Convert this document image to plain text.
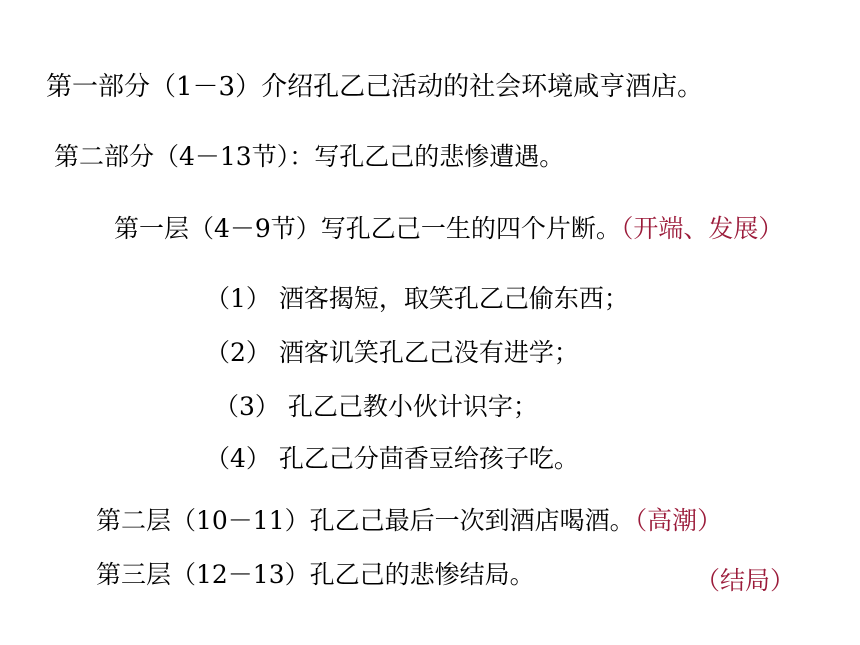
第一部分（1－3）介绍孔乙己活动的社会环境咸亨酒店。
第二部分（4－13节）：写孔乙己的悲惨遭遇。
第一层（4－9节）写孔乙己一生的四个片断。（开端、发展）
（1） 酒客揭短，取笑孔乙己偷东西；
（2） 酒客讥笑孔乙己没有进学；
（3） 孔乙己教小伙计识字；
（4） 孔乙己分茴香豆给孩子吃。
第二层（10－11）孔乙己最后一次到酒店喝酒。（高潮）
第三层（12－13）孔乙己的悲惨结局。	（结局）
